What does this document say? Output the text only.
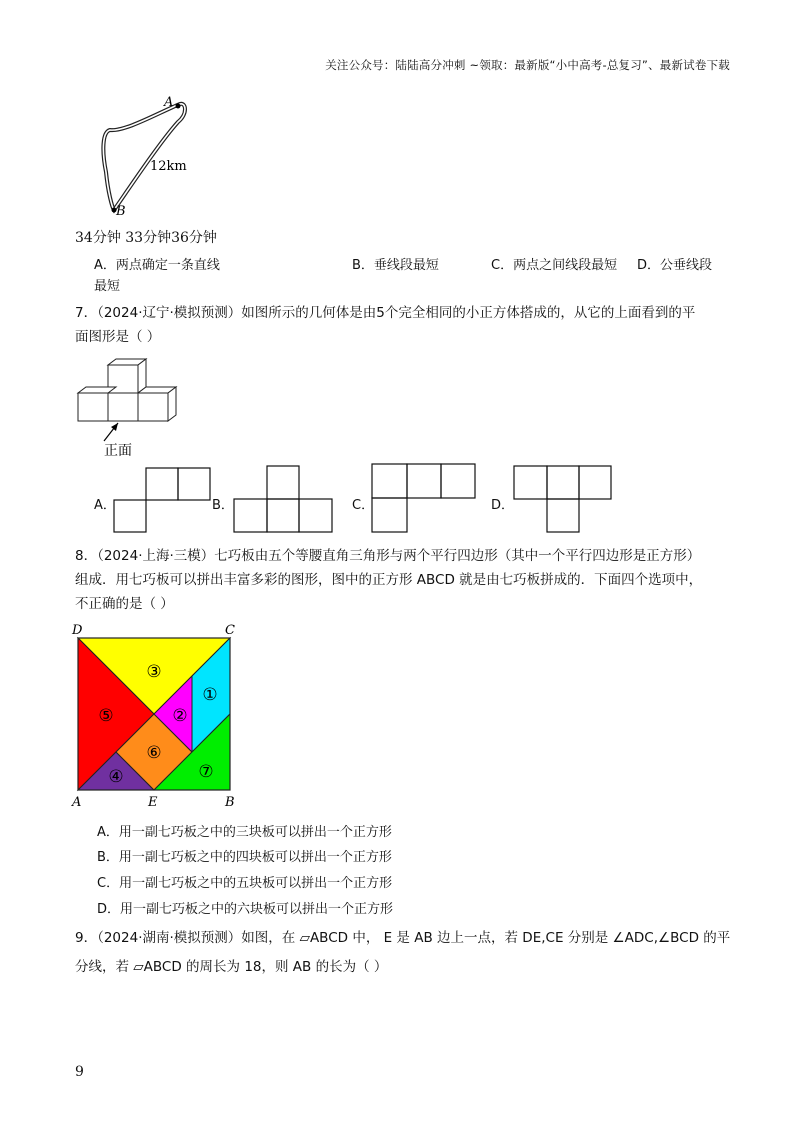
关注公众号：陆陆高分冲刺 ~领取：最新版“小中高考-总复习”、最新试卷下载
A
B
12km
34分钟 33分钟36分钟
A．两点确定一条直线	B．垂线段最短	C．两点之间线段最短 D．公垂线段
最短
7．（2024·辽宁·模拟预测）如图所示的几何体是由5个完全相同的小正方体搭成的，从它的上面看到的平
面图形是（ ）
正面
A．	B．	C．	D．
8．（2024·上海·三模）七巧板由五个等腰直角三角形与两个平行四边形（其中一个平行四边形是正方形）
组成．用七巧板可以拼出丰富多彩的图形，图中的正方形 ABCD 就是由七巧板拼成的．下面四个选项中，
不正确的是（ ）
D	C
A	E	B
①
②
③
④
⑤
⑥
⑦
A．用一副七巧板之中的三块板可以拼出一个正方形
B．用一副七巧板之中的四块板可以拼出一个正方形
C．用一副七巧板之中的五块板可以拼出一个正方形
D．用一副七巧板之中的六块板可以拼出一个正方形
9．（2024·湖南·模拟预测）如图，在 ▱ABCD 中， E 是 AB 边上一点，若 DE,CE 分别是 ∠ADC,∠BCD 的平
分线，若 ▱ABCD 的周长为 18，则 AB 的长为（ ）
9
